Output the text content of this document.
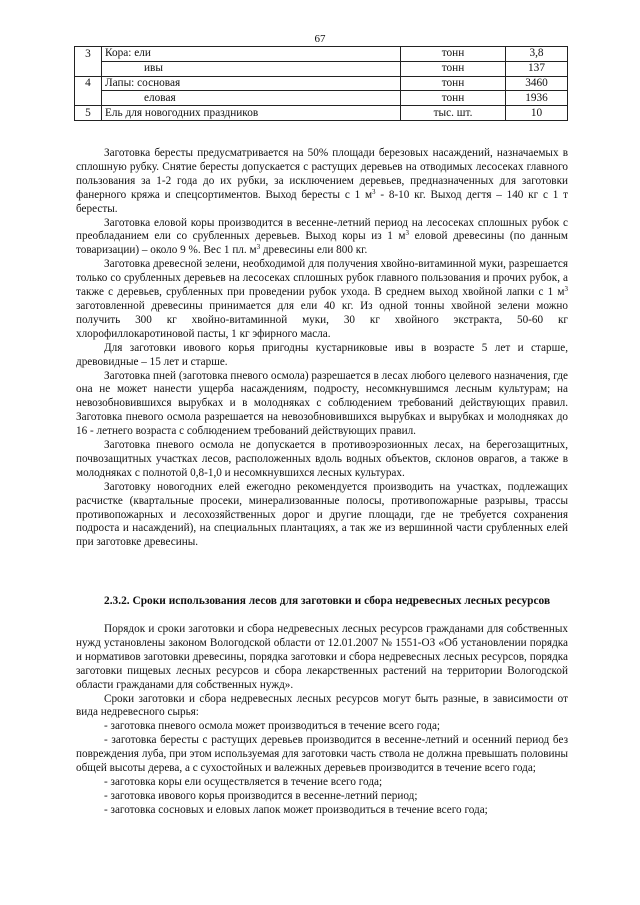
67
3	Кора: ели	тонн	3,8
	ивы	тонн	137
4	Лапы: сосновая	тонн	3460
	еловая	тонн	1936
5	Ель для новогодних праздников	тыс. шт.	10

Заготовка бересты предусматривается на 50% площади березовых насаждений, назначаемых в сплошную рубку. Снятие бересты допускается с растущих деревьев на отводимых лесосеках главного пользования за 1-2 года до их рубки, за исключением деревьев, предназначенных для заготовки фанерного кряжа и спецсортиментов. Выход бересты с 1 $м^3 - 8-10$ кг. Выход дегтя – 140 кг с 1 т бересты.

Заготовка еловой коры производится в весенне-летний период на лесосеках сплошных рубок с преобладанием ели со срубленных деревьев. Выход коры из 1 $м^3$ еловой древесины (по данным товаризации) – около 9 %. Вес 1 пл. $м^3$ древесины ели 800 кг.

Заготовка древесной зелени, необходимой для получения хвойно-витаминной муки, разрешается только со срубленных деревьев на лесосеках сплошных рубок главного пользования и прочих рубок, а также с деревьев, срубленных при проведении рубок ухода. В среднем выход хвойной лапки с 1 $м^3$ заготовленной древесины принимается для ели 40 кг. Из одной тонны хвойной зелени можно получить 300 кг хвойно-витаминной муки, 30 кг хвойного экстракта, 50-60 кг хлорофиллокаротиновой пасты, 1 кг эфирного масла.

Для заготовки ивового корья пригодны кустарниковые ивы в возрасте 5 лет и старше, древовидные – 15 лет и старше.

Заготовка пней (заготовка пневого осмола) разрешается в лесах любого целевого назначения, где она не может нанести ущерба насаждениям, подросту, несомкнувшимся лесным культурам; на невозобновившихся вырубках и в молодняках с соблюдением требований действующих правил. Заготовка пневого осмола разрешается на невозобновившихся вырубках и вырубках и молодняках до 16 - летнего возраста с соблюдением требований действующих правил.

Заготовка пневого осмола не допускается в противоэрозионных лесах, на берегозащитных, почвозащитных участках лесов, расположенных вдоль водных объектов, склонов оврагов, а также в молодняках с полнотой 0,8-1,0 и несомкнувшихся лесных культурах.

Заготовку новогодних елей ежегодно рекомендуется производить на участках, подлежащих расчистке (квартальные просеки, минерализованные полосы, противопожарные разрывы, трассы противопожарных и лесохозяйственных дорог и другие площади, где не требуется сохранения подроста и насаждений), на специальных плантациях, а так же из вершинной части срубленных елей при заготовке древесины.

2.3.2. Сроки использования лесов для заготовки и сбора недревесных лесных ресурсов

Порядок и сроки заготовки и сбора недревесных лесных ресурсов гражданами для собственных нужд установлены законом Вологодской области от 12.01.2007 № 1551-ОЗ «Об установлении порядка и нормативов заготовки древесины, порядка заготовки и сбора недревесных лесных ресурсов, порядка заготовки пищевых лесных ресурсов и сбора лекарственных растений на территории Вологодской области гражданами для собственных нужд».

Сроки заготовки и сбора недревесных лесных ресурсов могут быть разные, в зависимости от вида недревесного сырья:

- заготовка пневого осмола может производиться в течение всего года;

- заготовка бересты с растущих деревьев производится в весенне-летний и осенний период без повреждения луба, при этом используемая для заготовки часть ствола не должна превышать половины общей высоты дерева, а с сухостойных и валежных деревьев производится в течение всего года;

- заготовка коры ели осуществляется в течение всего года;

- заготовка ивового корья производится в весенне-летний период;

- заготовка сосновых и еловых лапок может производиться в течение всего года;
